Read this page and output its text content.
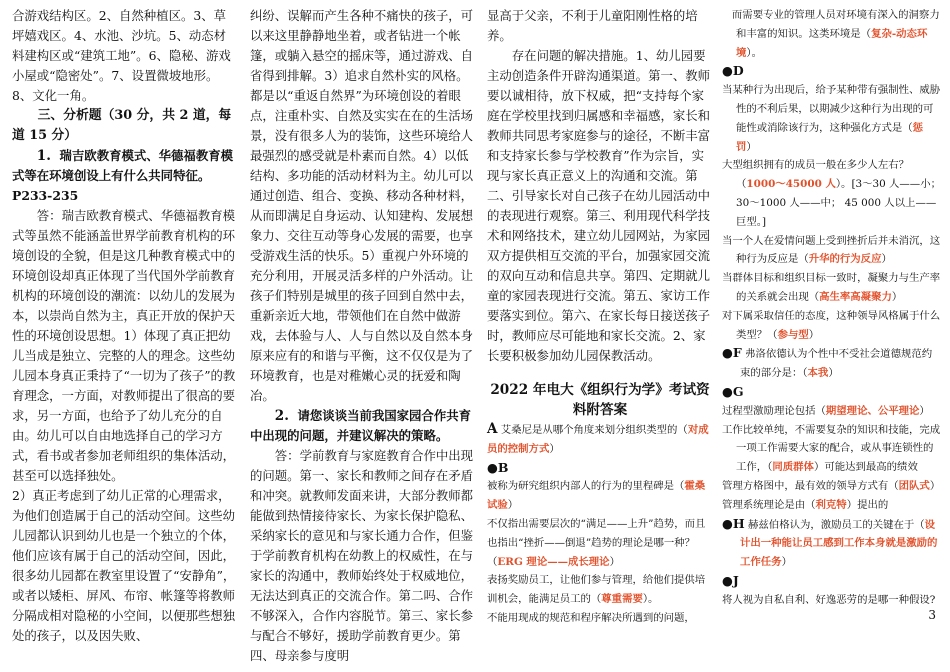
合游戏结构区。2、自然种植区。3、草坪嬉戏区。4、水池、沙坑。5、动态材料建构区或“建筑工地”。6、隐秘、游戏小屋或“隐密处”。7、设置微坡地形。8、文化一角。

三、分析题（30 分，共 2 道，每道 15 分）

1. 瑞吉欧教育模式、华德福教育模式等在环境创设上有什么共同特征。P233-235

答：瑞吉欧教育模式、华德福教育模式等虽然不能涵盖世界学前教育机构的环境创设的全貌，但是这几种教育模式中的环境创设却真正体现了当代国外学前教育机构的环境创设的潮流：以幼儿的发展为本，以崇尚自然为主，真正开放的保护天性的环境创设思想。1）体现了真正把幼儿当成是独立、完整的人的理念。这些幼儿园本身真正秉持了“一切为了孩子”的教育理念，一方面，对教师提出了很高的要求，另一方面，也给予了幼儿充分的自由。幼儿可以自由地选择自己的学习方式，看书或者参加老师组织的集体活动，甚至可以选择独处。

2）真正考虑到了幼儿正常的心理需求，为他们创造属于自己的活动空间。这些幼儿园都认识到幼儿也是一个独立的个体，他们应该有属于自己的活动空间，因此，很多幼儿园都在教室里设置了“安静角”，或者以矮柜、屏风、布帘、帐篷等将教师分隔成相对隐秘的小空间，以便那些想独处的孩子，以及因失败、

纠纷、误解而产生各种不痛快的孩子，可以来这里静静地坐着，或者钻进一个帐篷，或躺入悬空的摇床等，通过游戏、自省得到排解。3）追求自然朴实的风格。都是以“重返自然界”为环境创设的着眼点，注重朴实、自然及实实在在的生活场景，没有很多人为的装饰，这些环境给人最强烈的感受就是朴素而自然。4）以低结构、多功能的活动材料为主。幼儿可以通过创造、组合、变换、移动各种材料，从而即满足自身运动、认知建构、发展想象力、交往互动等身心发展的需要，也享受游戏生活的快乐。5）重视户外环境的充分利用，开展灵活多样的户外活动。让孩子们特别是城里的孩子回到自然中去，重新亲近大地，带领他们在自然中做游戏，去体验与人、人与自然以及自然本身原来应有的和谐与平衡，这不仅仅是为了环境教育，也是对稚嫩心灵的抚爱和陶冶。

2. 请您谈谈当前我国家园合作共育中出现的问题，并建议解决的策略。

答：学前教育与家庭教育合作中出现的问题。第一、家长和教师之间存在矛盾和冲突。就教师发面来讲，大部分教师都能做到热情接待家长、为家长保护隐私、采纳家长的意见和与家长通力合作，但鉴于学前教育机构在幼教上的权威性，在与家长的沟通中，教师始终处于权威地位，无法达到真正的交流合作。第二吗、合作不够深入，合作内容脱节。第三、家长参与配合不够好，援助学前教育更少。第四、母亲参与度明

显高于父亲，不利于儿童阳刚性格的培养。

存在问题的解决措施。1、幼儿园要主动创造条件开辟沟通渠道。第一、教师要以诚相待，放下权威，把“支持每个家庭在学校里找到归属感和幸福感，家长和教师共同思考家庭参与的途径，不断丰富和支持家长参与学校教育”作为宗旨，实现与家长真正意义上的沟通和交流。第二、引导家长对自己孩子在幼儿园活动中的表现进行观察。第三、利用现代科学技术和网络技术，建立幼儿园网站，为家园双方提供相互交流的平台，加强家园交流的双向互动和信息共享。第四、定期就儿童的家园表现进行交流。第五、家访工作要落实到位。第六、在家长每日接送孩子时，教师应尽可能地和家长交流。2、家长要积极参加幼儿园保教活动。

2022 年电大《组织行为学》考试资料附答案

A 艾桑尼是从哪个角度来划分组织类型的（对成员的控制方式）

●B

被称为研究组织内部人的行为的里程碑是（霍桑试验）

不仅指出需要层次的“满足——上升”趋势，而且也指出“挫折——倒退”趋势的理论是哪一种？（ERG 理论——成长理论）

表扬奖励员工，让他们参与管理，给他们提供培训机会，能满足员工的（尊重需要）。

不能用现成的规范和程序解决所遇到的问题，

而需要专业的管理人员对环境有深入的洞察力和丰富的知识。这类环境是（复杂-动态环境）。

●D

当某种行为出现后，给予某种带有强制性、威胁性的不利后果，以期减少这种行为出现的可能性或消除该行为，这种强化方式是（惩罚）

大型组织拥有的成员一般在多少人左右？（1000～45000 人）。[3～30 人——小； 30～1000 人——中； 45 000 人以上——巨型。]

当一个人在爱情问题上受到挫折后并未消沉，这种行为反应是（升华的行为反应）

当群体目标和组织目标一致时，凝聚力与生产率的关系就会出现（高生率高凝聚力）

对下属采取信任的态度，这种领导风格属于什么类型？（参与型）

●F 弗洛依德认为个性中不受社会道德规范约束的部分是：（本我）

●G

过程型激励理论包括（期望理论、公平理论）

工作比较单纯，不需要复杂的知识和技能，完成一项工作需要大家的配合，或从事连锁性的工作，（同质群体）可能达到最高的绩效

管理方格图中，最有效的领导方式有（团队式）

管理系统理论是由（利克特）提出的

●H 赫兹伯格认为，激励员工的关键在于（设计出一种能让员工感到工作本身就是激励的工作任务）

●J

将人视为自私自利、好逸恶劳的是哪一种假设?

3
